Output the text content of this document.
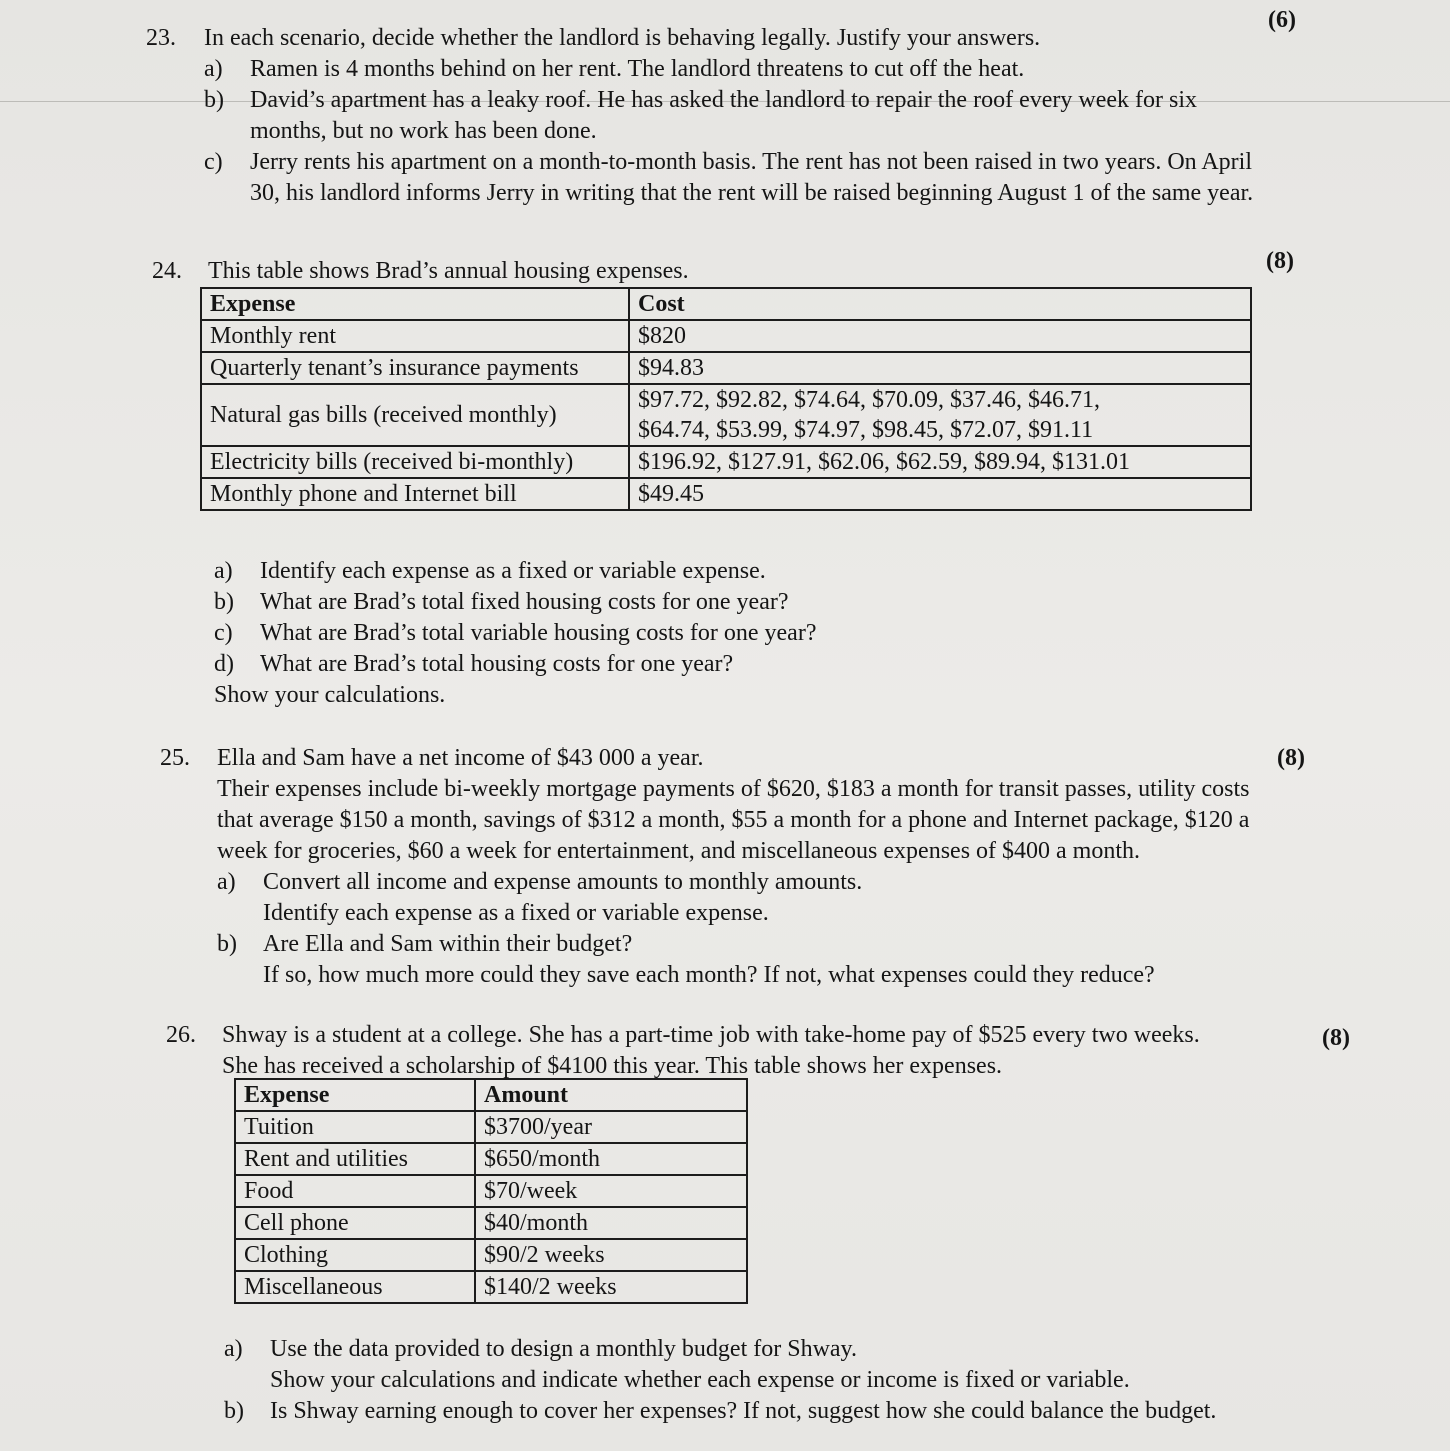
23. In each scenario, decide whether the landlord is behaving legally. Justify your answers.
a)	Ramen is 4 months behind on her rent. The landlord threatens to cut off the heat.
b)	David’s apartment has a leaky roof. He has asked the landlord to repair the roof every week for six
months, but no work has been done.
c)	Jerry rents his apartment on a month-to-month basis. The rent has not been raised in two years. On April
30, his landlord informs Jerry in writing that the rent will be raised beginning August 1 of the same year.
(6)
24. This table shows Brad’s annual housing expenses.	(8)
Expense	Cost
Monthly rent	$820
Quarterly tenant’s insurance payments	$94.83
Natural gas bills (received monthly)	$97.72, $92.82, $74.64, $70.09, $37.46, $46.71,
$64.74, $53.99, $74.97, $98.45, $72.07, $91.11

Electricity bills (received bi-monthly)	$196.92, $127.91, $62.06, $62.59, $89.94, $131.01
Monthly phone and Internet bill	$49.45
a)	Identify each expense as a fixed or variable expense.
b)	What are Brad’s total fixed housing costs for one year?
c)	What are Brad’s total variable housing costs for one year?
d)	What are Brad’s total housing costs for one year?
Show your calculations.
25. Ella and Sam have a net income of $43 000 a year.
Their expenses include bi-weekly mortgage payments of $620, $183 a month for transit passes, utility costs
that average $150 a month, savings of $312 a month, $55 a month for a phone and Internet package, $120 a
week for groceries, $60 a week for entertainment, and miscellaneous expenses of $400 a month.
a)	Convert all income and expense amounts to monthly amounts.
Identify each expense as a fixed or variable expense.
b)	Are Ella and Sam within their budget?
If so, how much more could they save each month? If not, what expenses could they reduce?
(8)
26. Shway is a student at a college. She has a part-time job with take-home pay of $525 every two weeks.
She has received a scholarship of $4100 this year. This table shows her expenses.
(8)
Expense	Amount
Tuition	$3700/year
Rent and utilities	$650/month
Food	$70/week
Cell phone	$40/month
Clothing	$90/2 weeks
Miscellaneous	$140/2 weeks
a)	Use the data provided to design a monthly budget for Shway.
Show your calculations and indicate whether each expense or income is fixed or variable.
b)	Is Shway earning enough to cover her expenses? If not, suggest how she could balance the budget.
